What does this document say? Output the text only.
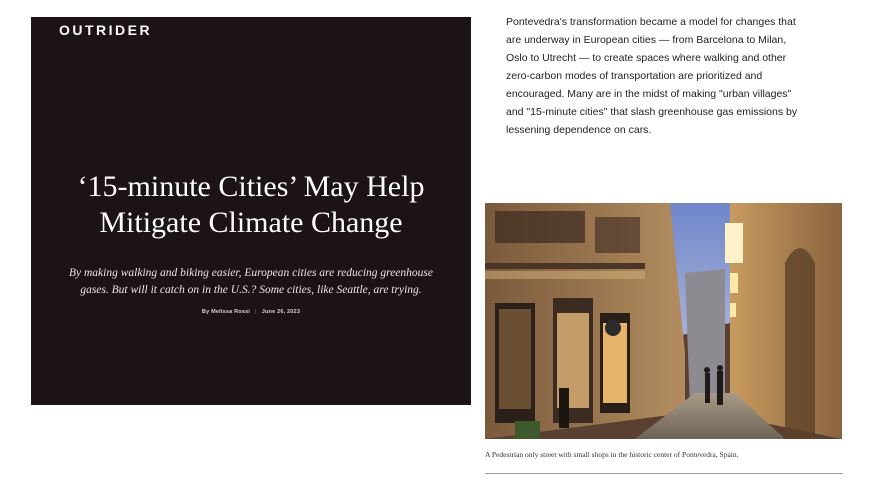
OUTRIDER
‘15-minute Cities’ May Help
Mitigate Climate Change
By making walking and biking easier, European cities are reducing greenhouse
gases. But will it catch on in the U.S.? Some cities, like Seattle, are trying.
By Melissa Rossi | June 26, 2023
Pontevedra's transformation became a model for changes that
are underway in European cities — from Barcelona to Milan,
Oslo to Utrecht — to create spaces where walking and other
zero-carbon modes of transportation are prioritized and
encouraged. Many are in the midst of making "urban villages"
and "15-minute cities" that slash greenhouse gas emissions by
lessening dependence on cars.
A Pedestrian only street with small shops in the historic center of Pontevedra, Spain.
